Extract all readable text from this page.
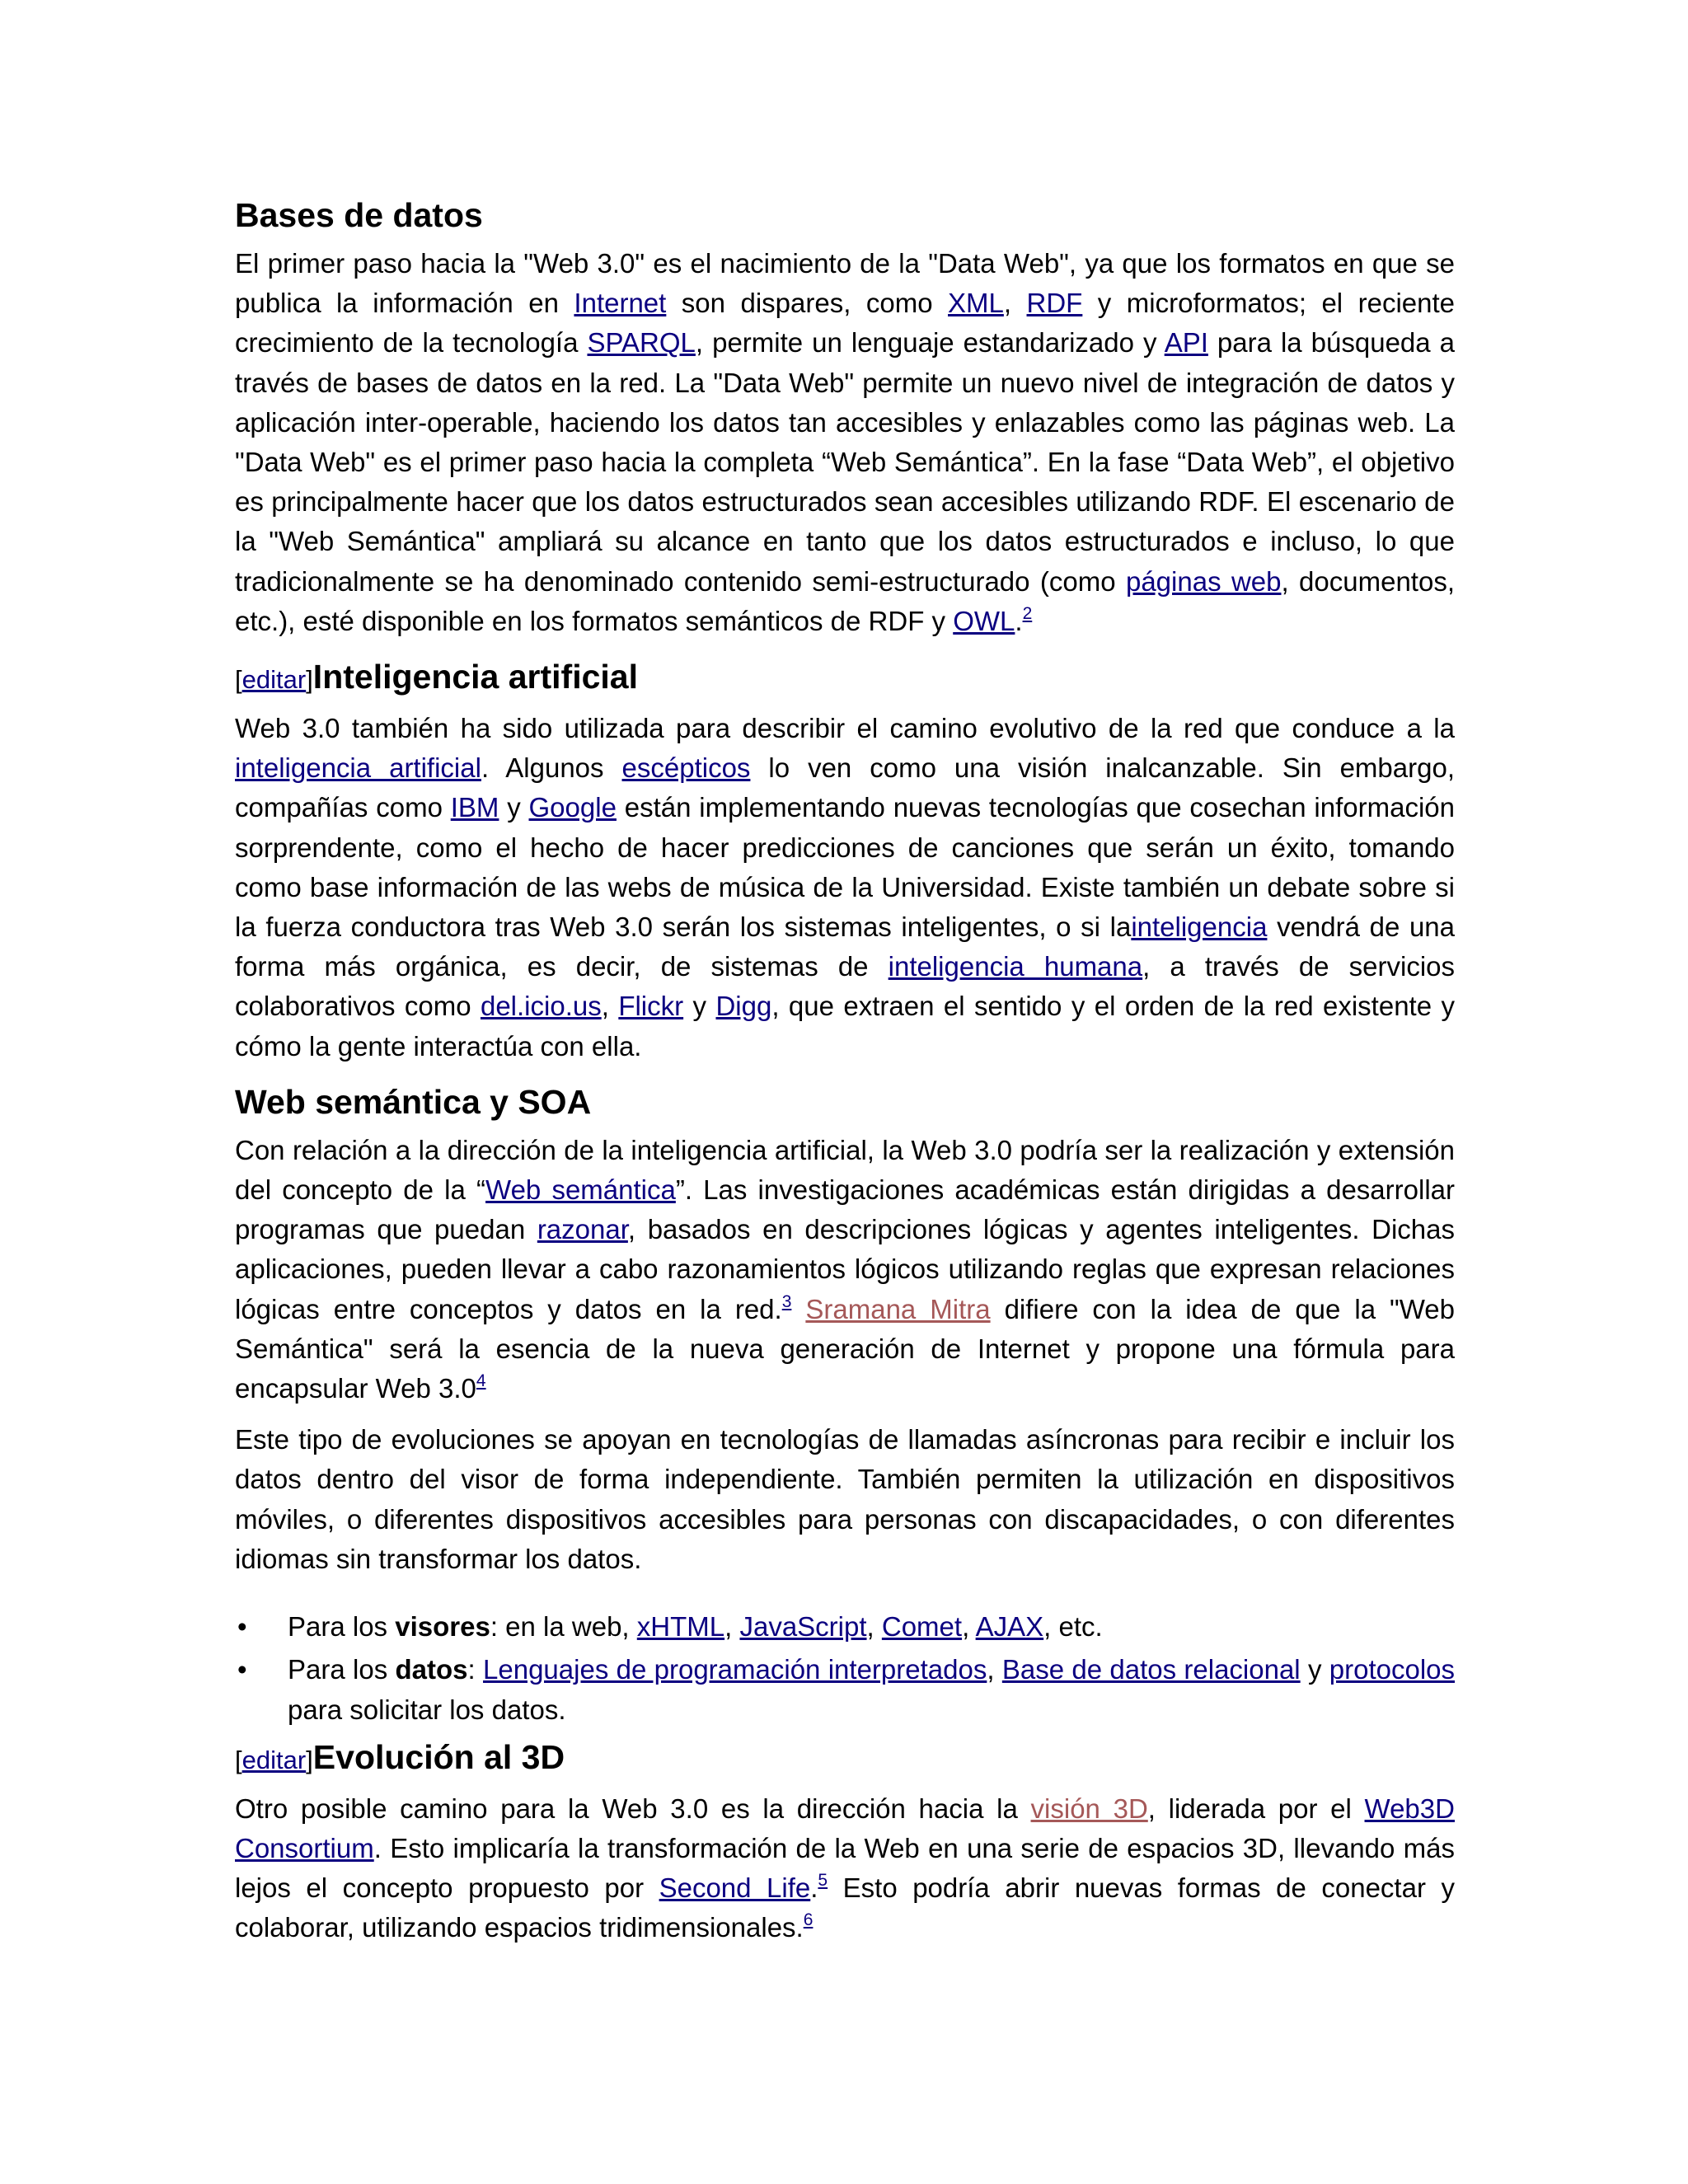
Bases de datos

El primer paso hacia la "Web 3.0" es el nacimiento de la "Data Web", ya que los formatos en que se publica la información en Internet son dispares, como XML, RDF y microformatos; el reciente crecimiento de la tecnología SPARQL, permite un lenguaje estandarizado y API para la búsqueda a través de bases de datos en la red. La "Data Web" permite un nuevo nivel de integración de datos y aplicación inter-operable, haciendo los datos tan accesibles y enlazables como las páginas web. La "Data Web" es el primer paso hacia la completa “Web Semántica”. En la fase “Data Web”, el objetivo es principalmente hacer que los datos estructurados sean accesibles utilizando RDF. El escenario de la "Web Semántica" ampliará su alcance en tanto que los datos estructurados e incluso, lo que tradicionalmente se ha denominado contenido semi-estructurado (como páginas web, documentos, etc.), esté disponible en los formatos semánticos de RDF y OWL.$^2$

[editar]Inteligencia artificial

Web 3.0 también ha sido utilizada para describir el camino evolutivo de la red que conduce a la inteligencia artificial. Algunos escépticos lo ven como una visión inalcanzable. Sin embargo, compañías como IBM y Google están implementando nuevas tecnologías que cosechan información sorprendente, como el hecho de hacer predicciones de canciones que serán un éxito, tomando como base información de las webs de música de la Universidad. Existe también un debate sobre si la fuerza conductora tras Web 3.0 serán los sistemas inteligentes, o si lainteligencia vendrá de una forma más orgánica, es decir, de sistemas de inteligencia humana, a través de servicios colaborativos como del.icio.us, Flickr y Digg, que extraen el sentido y el orden de la red existente y cómo la gente interactúa con ella.

Web semántica y SOA

Con relación a la dirección de la inteligencia artificial, la Web 3.0 podría ser la realización y extensión del concepto de la “Web semántica”. Las investigaciones académicas están dirigidas a desarrollar programas que puedan razonar, basados en descripciones lógicas y agentes inteligentes. Dichas aplicaciones, pueden llevar a cabo razonamientos lógicos utilizando reglas que expresan relaciones lógicas entre conceptos y datos en la red.$^3$ Sramana Mitra difiere con la idea de que la "Web Semántica" será la esencia de la nueva generación de Internet y propone una fórmula para encapsular Web 3.0$^4$

Este tipo de evoluciones se apoyan en tecnologías de llamadas asíncronas para recibir e incluir los datos dentro del visor de forma independiente. También permiten la utilización en dispositivos móviles, o diferentes dispositivos accesibles para personas con discapacidades, o con diferentes idiomas sin transformar los datos.

• Para los visores: en la web, xHTML, JavaScript, Comet, AJAX, etc.
• Para los datos: Lenguajes de programación interpretados, Base de datos relacional y protocolos para solicitar los datos.
[editar]Evolución al 3D

Otro posible camino para la Web 3.0 es la dirección hacia la visión 3D, liderada por el Web3D Consortium. Esto implicaría la transformación de la Web en una serie de espacios 3D, llevando más lejos el concepto propuesto por Second Life.$^5$ Esto podría abrir nuevas formas de conectar y colaborar, utilizando espacios tridimensionales.$^6$
